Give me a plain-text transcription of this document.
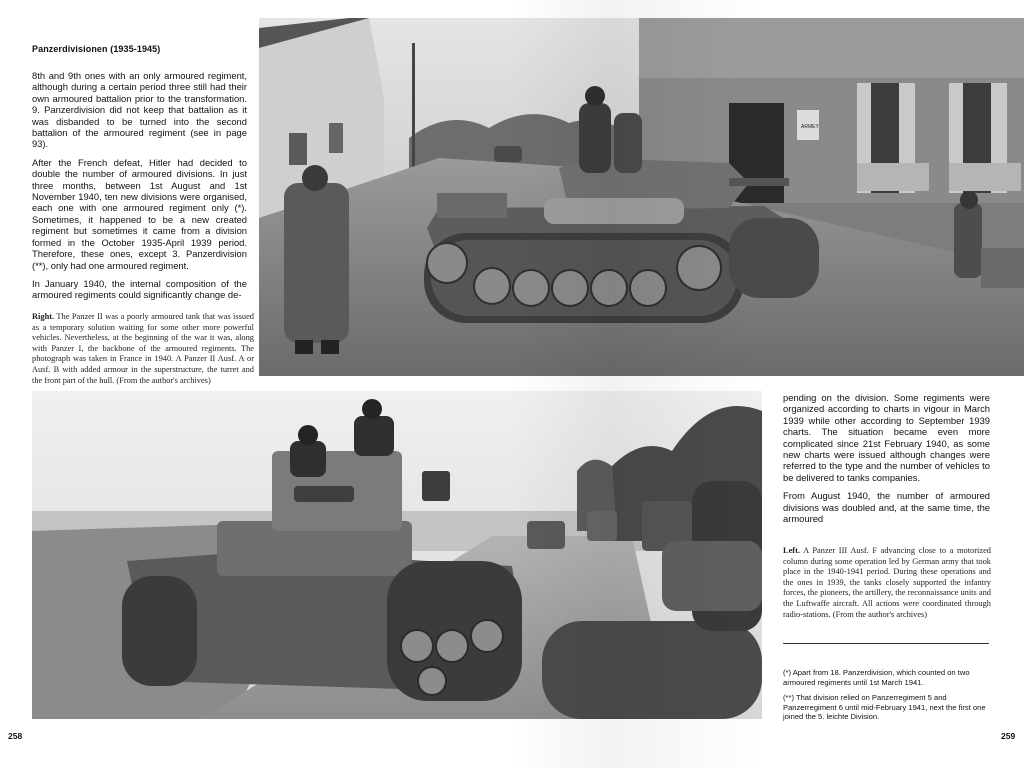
Panzerdivisionen (1935-1945)

8th and 9th ones with an only armoured regiment, although during a certain period three still had their own armoured battalion prior to the transformation. 9. Panzerdivision did not keep that battalion as it was disbanded to be turned into the second battalion of the armoured regiment (see in page 93).

After the French defeat, Hitler had decided to double the number of armoured divisions. In just three months, between 1st August and 1st November 1940, ten new divisions were organised, each one with one armoured regiment only (*). Sometimes, it happened to be a new created regiment but sometimes it came from a division formed in the October 1935-April 1939 period. Therefore, these ones, except 3. Panzerdivision (**), only had one armoured regiment.

In January 1940, the internal composition of the armoured regiments could significantly change de-

Right. The Panzer II was a poorly armoured tank that was issued as a temporary solution waiting for some other more powerful vehicles. Nevertheless, at the beginning of the war it was, along with Panzer I, the backbone of the armoured regiments. The photograph was taken in France in 1940. A Panzer II Ausf. A or Ausf. B with added armour in the superstructure, the turret and the front part of the hull. (From the author's archives)
ARMEY

pending on the division. Some regiments were organized according to charts in vigour in March 1939 while other according to September 1939 charts. The situation became even more complicated since 21st February 1940, as some new charts were issued although changes were referred to the type and the number of vehicles to be delivered to tanks companies.

From August 1940, the number of armoured divisions was doubled and, at the same time, the armoured

Left. A Panzer III Ausf. F advancing close to a motorized column during some operation led by German army that took place in the 1940-1941 period. During these operations and the ones in 1939, the tanks closely supported the infantry forces, the pioneers, the artillery, the reconnaissance units and the Luftwaffe aircraft. All actions were coordinated through radio-stations. (From the author's archives)

(*) Apart from 18. Panzerdivision, which counted on two armoured regiments until 1st March 1941.

(**) That division relied on Panzerregiment 5 and Panzerregiment 6 until mid-February 1941, next the first one joined the 5. leichte Division.

258	259
